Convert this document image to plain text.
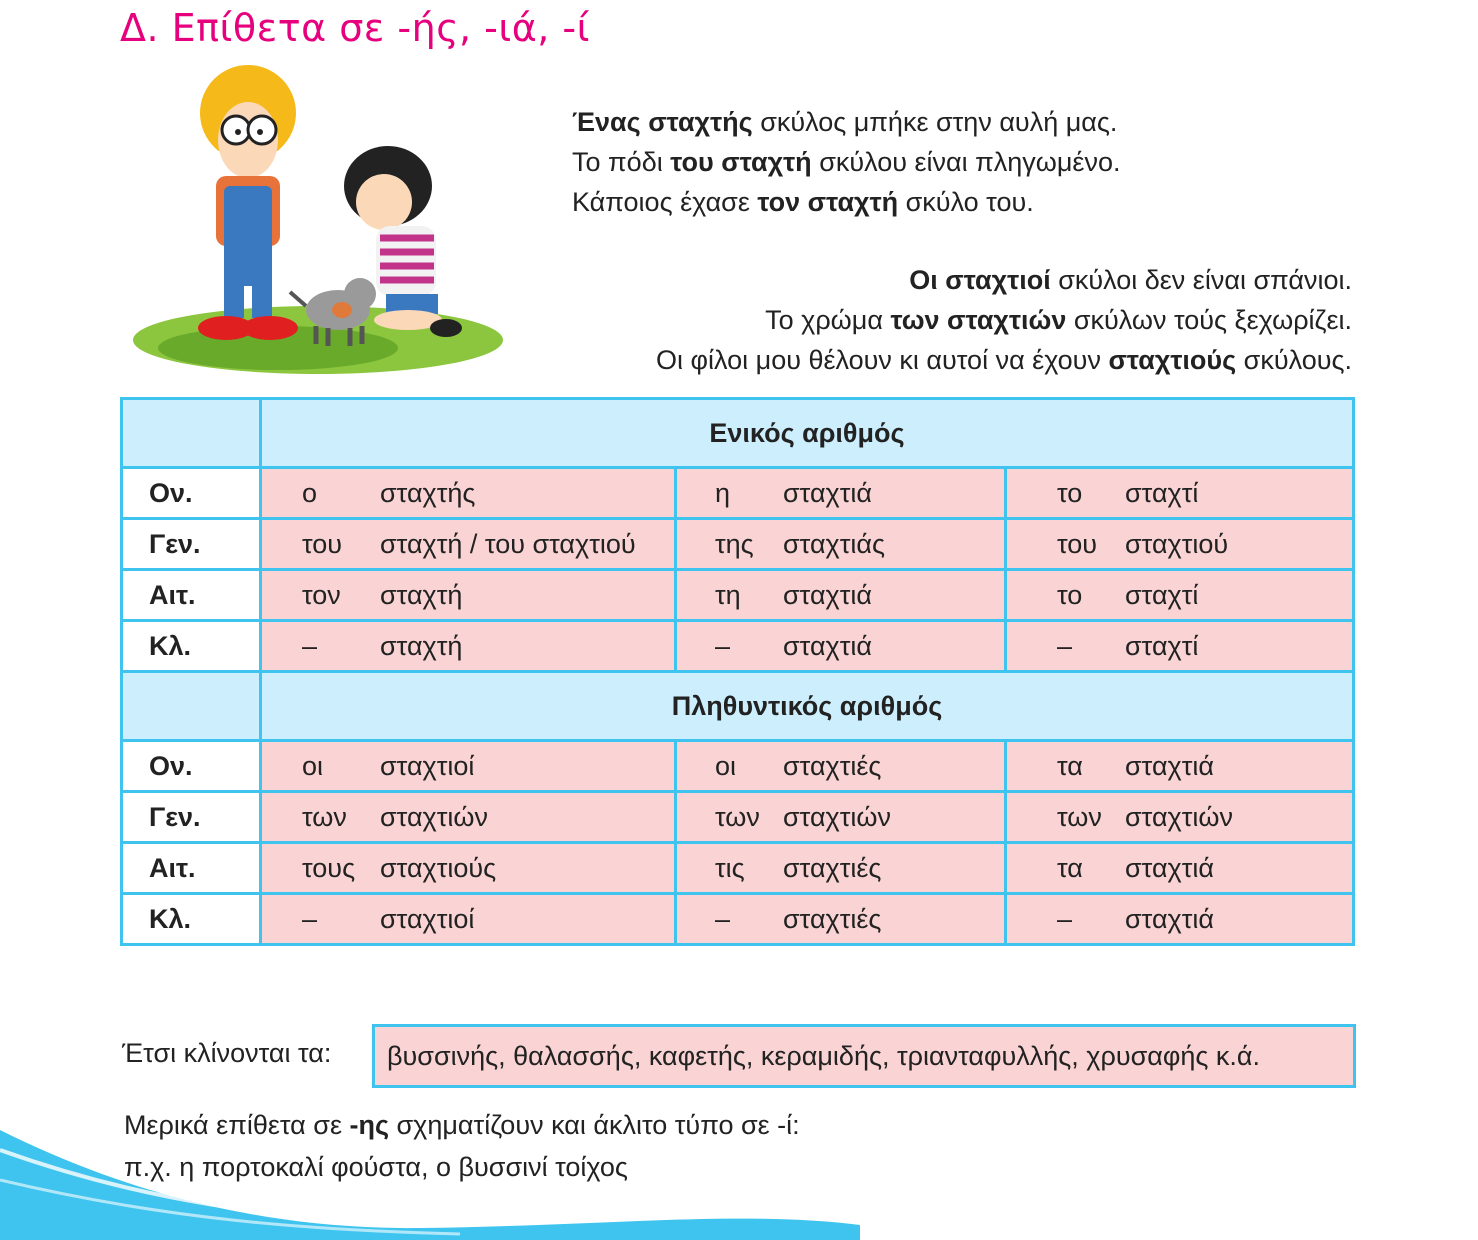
Δ. Επίθετα σε -ής, -ιά, -ί
Ένας σταχτής σκύλος μπήκε στην αυλή μας.
Το πόδι του σταχτή σκύλου είναι πληγωμένο.
Κάποιος έχασε τον σταχτή σκύλο του.
Οι σταχτιοί σκύλοι δεν είναι σπάνιοι.
Το χρώμα των σταχτιών σκύλων τούς ξεχωρίζει.
Οι φίλοι μου θέλουν κι αυτοί να έχουν σταχτιούς σκύλους.
	Ενικός αριθμός		
Ον.	ο σταχτής	η σταχτιά	το σταχτί
Γεν.	του σταχτή / του σταχτιού	της σταχτιάς	του σταχτιού
Αιτ.	τον σταχτή	τη σταχτιά	το σταχτί
Κλ.	– σταχτή	– σταχτιά	– σταχτί
	Πληθυντικός αριθμός		
Ον.	οι σταχτιοί	οι σταχτιές	τα σταχτιά
Γεν.	των σταχτιών	των σταχτιών	των σταχτιών
Αιτ.	τους σταχτιούς	τις σταχτιές	τα σταχτιά
Κλ.	– σταχτιοί	– σταχτιές	– σταχτιά
Έτσι κλίνονται τα:	βυσσινής, θαλασσής, καφετής, κεραμιδής, τριανταφυλλής, χρυσαφής κ.ά.
Μερικά επίθετα σε -ης σχηματίζουν και άκλιτο τύπο σε -ί:
π.χ. η πορτοκαλί φούστα, ο βυσσινί τοίχος
